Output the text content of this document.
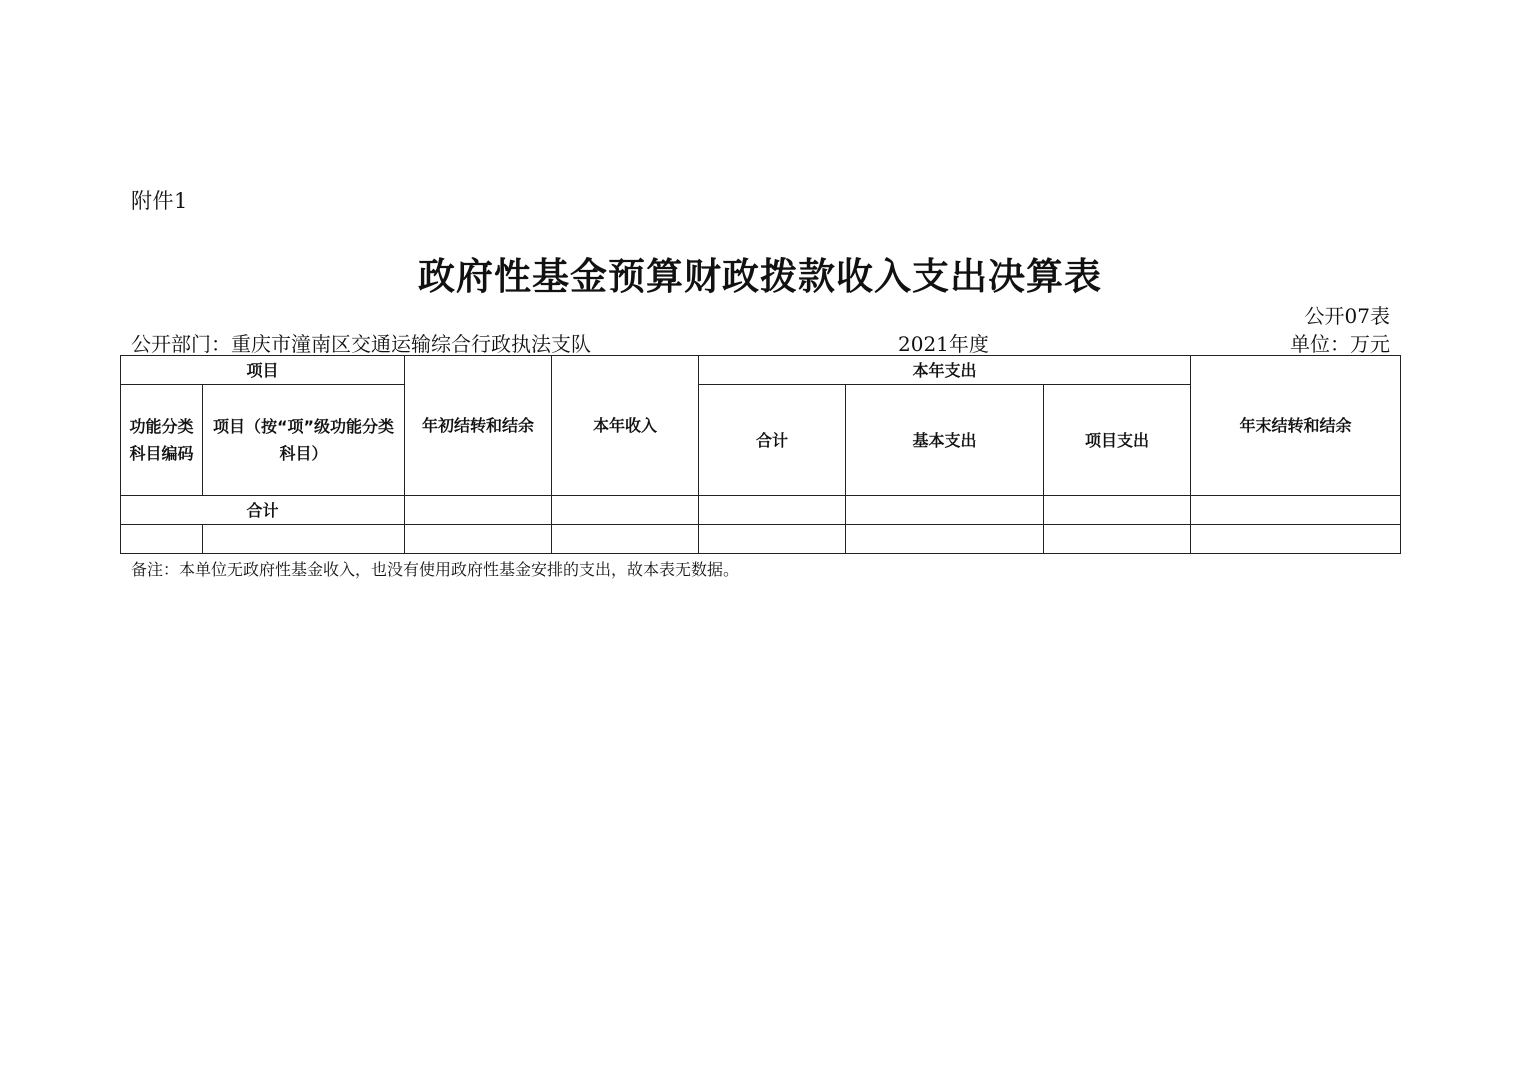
附件1
政府性基金预算财政拨款收入支出决算表
公开07表
公开部门：重庆市潼南区交通运输综合行政执法支队	2021年度	单位：万元
项目		年初结转和结余	本年收入	本年支出			年末结转和结余
功能分类科目编码	项目（按“项”级功能分类科目）			合计	基本支出	项目支出	
合计							

备注：本单位无政府性基金收入，也没有使用政府性基金安排的支出，故本表无数据。
